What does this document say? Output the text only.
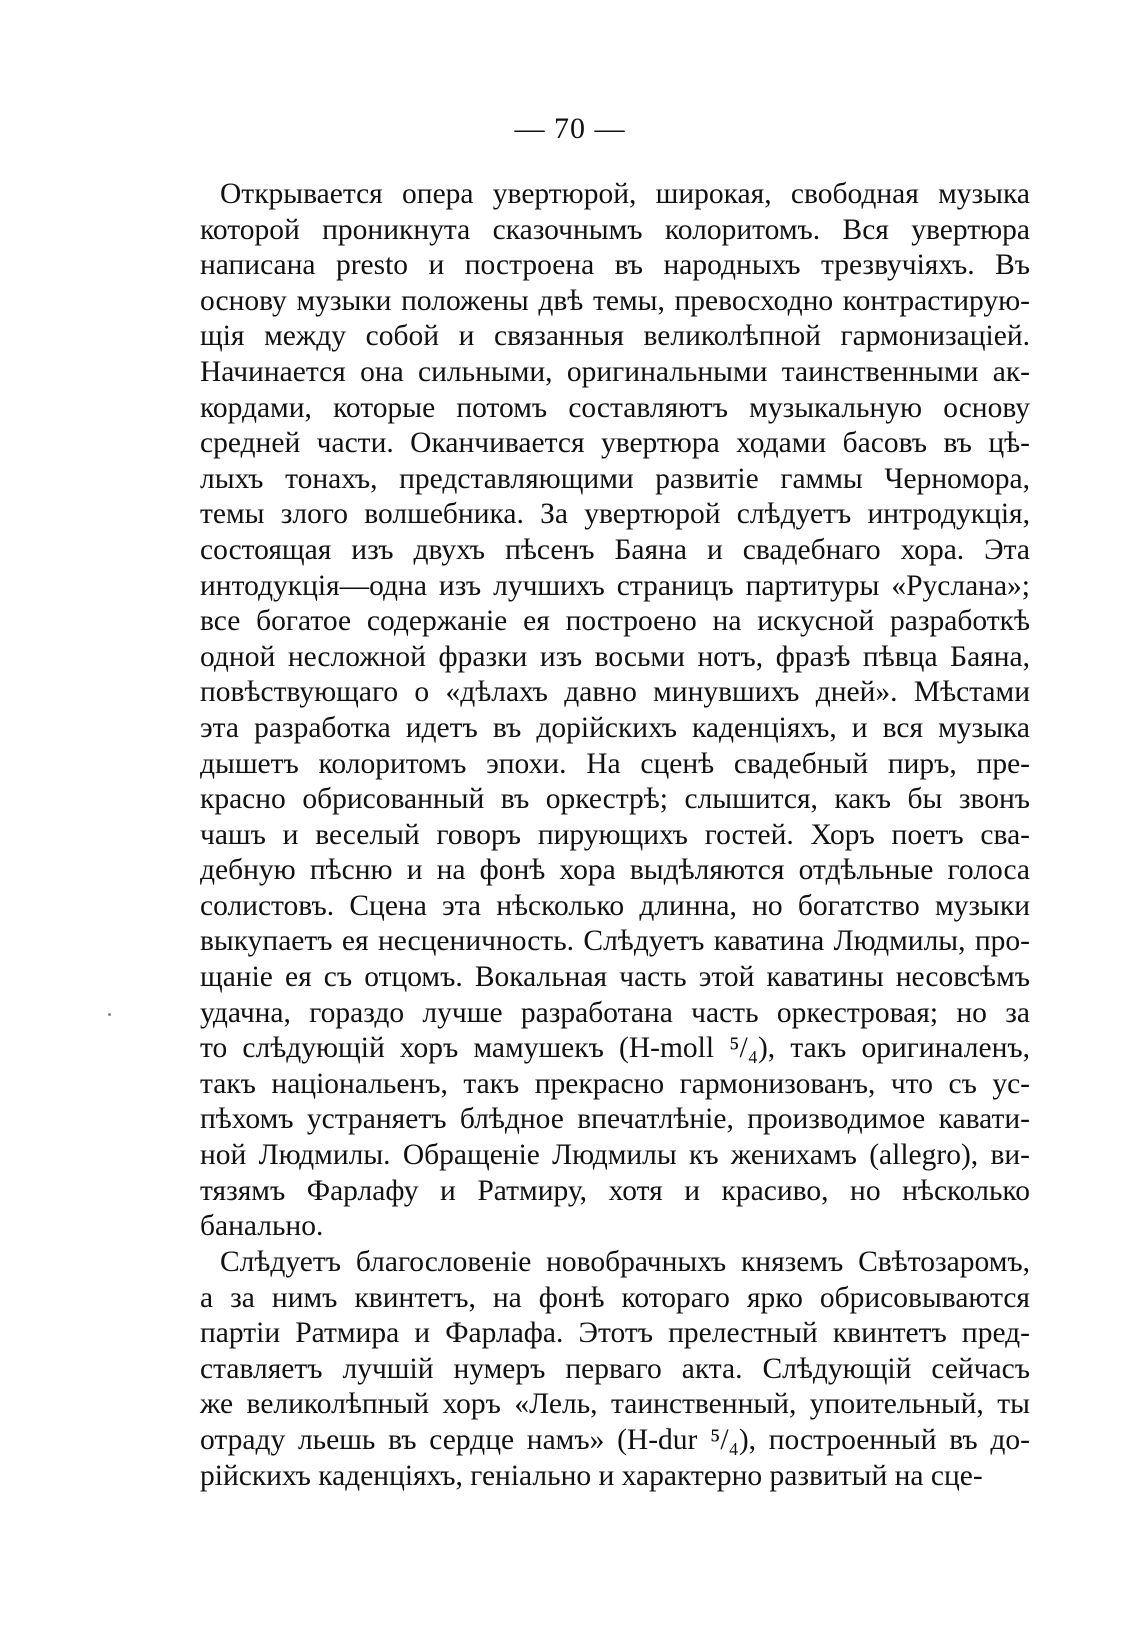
— 70 —
Открывается опера увертюрой, широкая, свободная музыка
которой проникнута сказочнымъ колоритомъ. Вся увертюра
написана presto и построена въ народныхъ трезвучіяхъ. Въ
основу музыки положены двѣ темы, превосходно контрастирую-
щія между собой и связанныя великолѣпной гармонизацiей.
Начинается она сильными, оригинальными таинственными ак-
кордами, которые потомъ составляютъ музыкальную основу
средней части. Оканчивается увертюра ходами басовъ въ цѣ-
лыхъ тонахъ, представляющими развитіе гаммы Черномора,
темы злого волшебника. За увертюрой слѣдуетъ интродукція,
состоящая изъ двухъ пѣсенъ Баяна и свадебнаго хора. Эта
интодукція—одна изъ лучшихъ страницъ партитуры «Руслана»;
все богатое содержаніе ея построено на искусной разработкѣ
одной несложной фразки изъ восьми нотъ, фразѣ пѣвца Баяна,
повѣствующаго о «дѣлахъ давно минувшихъ дней». Мѣстами
эта разработка идетъ въ дорійскихъ каденціяхъ, и вся музыка
дышетъ колоритомъ эпохи. На сценѣ свадебный пиръ, пре-
красно обрисованный въ оркестрѣ; слышится, какъ бы звонъ
чашъ и веселый говоръ пирующихъ гостей. Хоръ поетъ сва-
дебную пѣсню и на фонѣ хора выдѣляются отдѣльные голоса
солистовъ. Сцена эта нѣсколько длинна, но богатство музыки
выкупаетъ ея несценичность. Слѣдуетъ каватина Людмилы, про-
щаніе ея съ отцомъ. Вокальная часть этой каватины несовсѣмъ
удачна, гораздо лучше разработана часть оркестровая; но за
то слѣдующій хоръ мамушекъ (H-moll ⁵/₄), такъ оригиналенъ,
такъ національенъ, такъ прекрасно гармонизованъ, что съ ус-
пѣхомъ устраняетъ блѣдное впечатлѣніе, производимое кавати-
ной Людмилы. Обращеніе Людмилы къ женихамъ (allegro), ви-
тязямъ Фарлафу и Ратмиру, хотя и красиво, но нѣсколько
банально.
Слѣдуетъ благословеніе новобрачныхъ княземъ Свѣтозаромъ,
а за нимъ квинтетъ, на фонѣ котораго ярко обрисовываются
партіи Ратмира и Фарлафа. Этотъ прелестный квинтетъ пред-
ставляетъ лучшій нумеръ перваго акта. Слѣдующій сейчасъ
же великолѣпный хоръ «Лель, таинственный, упоительный, ты
отраду льешь въ сердце намъ» (H-dur ⁵/₄), построенный въ до-
рійскихъ каденціяхъ, геніально и характерно развитый на сце-
